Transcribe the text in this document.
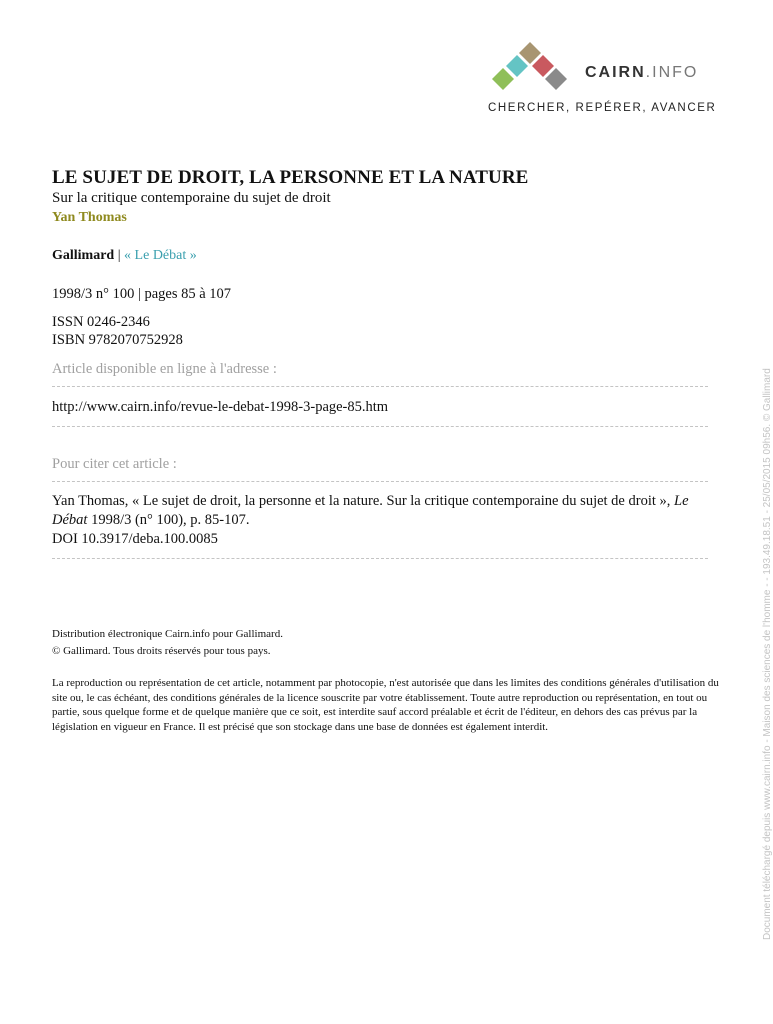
CAIRN.INFO
CHERCHER, REPÉRER, AVANCER
LE SUJET DE DROIT, LA PERSONNE ET LA NATURE
Sur la critique contemporaine du sujet de droit
Yan Thomas
Gallimard | « Le Débat »
1998/3 n° 100 | pages 85 à 107
ISSN 0246-2346
ISBN 9782070752928
Article disponible en ligne à l'adresse :
http://www.cairn.info/revue-le-debat-1998-3-page-85.htm
Pour citer cet article :
Yan Thomas, « Le sujet de droit, la personne et la nature. Sur la critique contemporaine du sujet de droit », Le Débat 1998/3 (n° 100), p. 85-107.
DOI 10.3917/deba.100.0085
Distribution électronique Cairn.info pour Gallimard.
© Gallimard. Tous droits réservés pour tous pays.
La reproduction ou représentation de cet article, notamment par photocopie, n'est autorisée que dans les limites des conditions générales d'utilisation du site ou, le cas échéant, des conditions générales de la licence souscrite par votre établissement. Toute autre reproduction ou représentation, en tout ou partie, sous quelque forme et de quelque manière que ce soit, est interdite sauf accord préalable et écrit de l'éditeur, en dehors des cas prévus par la législation en vigueur en France. Il est précisé que son stockage dans une base de données est également interdit.	Document téléchargé depuis www.cairn.info - Maison des sciences de l'homme - - 193.49.18.51 - 25/05/2015 09h56. © Gallimard
